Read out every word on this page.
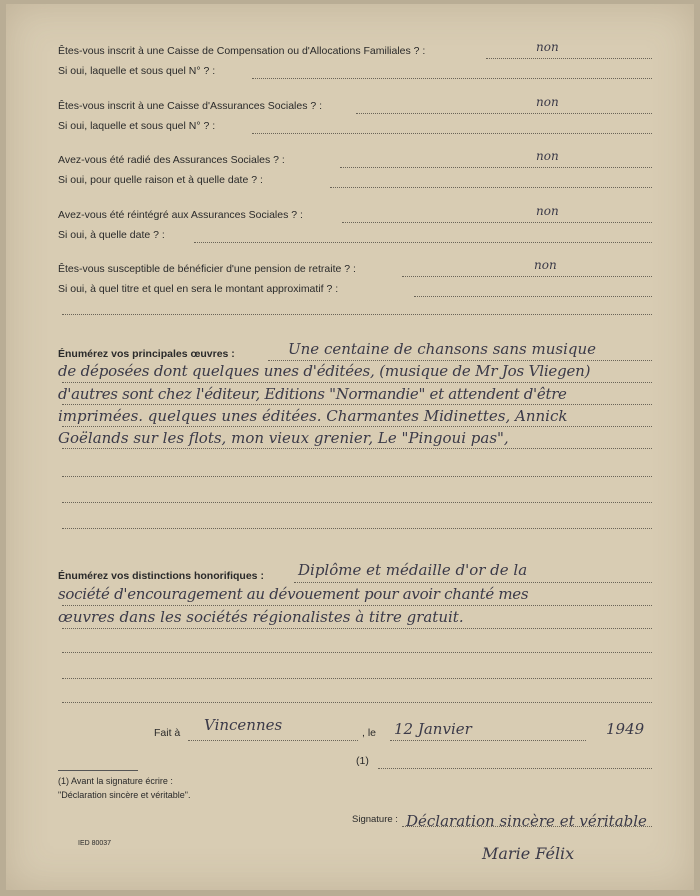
Êtes-vous inscrit à une Caisse de Compensation ou d'Allocations Familiales ? :	non
Si oui, laquelle et sous quel N° ? :
Êtes-vous inscrit à une Caisse d'Assurances Sociales ? :	non
Si oui, laquelle et sous quel N° ? :
Avez-vous été radié des Assurances Sociales ? :	non
Si oui, pour quelle raison et à quelle date ? :
Avez-vous été réintégré aux Assurances Sociales ? :	non
Si oui, à quelle date ? :
Êtes-vous susceptible de bénéficier d'une pension de retraite ? :	non
Si oui, à quel titre et quel en sera le montant approximatif ? :
Énumérez vos principales œuvres :	Une centaine de chansons sans musique
de déposées dont quelques unes d'éditées, (musique de Mr Jos Vliegen)
d'autres sont chez l'éditeur, Editions "Normandie" et attendent d'être
imprimées. quelques unes éditées. Charmantes Midinettes, Annick
Goëlands sur les flots, mon vieux grenier, Le "Pingoui pas",
Énumérez vos distinctions honorifiques : Diplôme et médaille d'or de la
société d'encouragement au dévouement pour avoir chanté mes
œuvres dans les sociétés régionalistes à titre gratuit.
Fait à Vincennes	, le 12 Janvier	1949
(1)
(1) Avant la signature écrire :
"Déclaration sincère et véritable".
IED 80037
Signature : Déclaration sincère et véritable
Marie Félix
